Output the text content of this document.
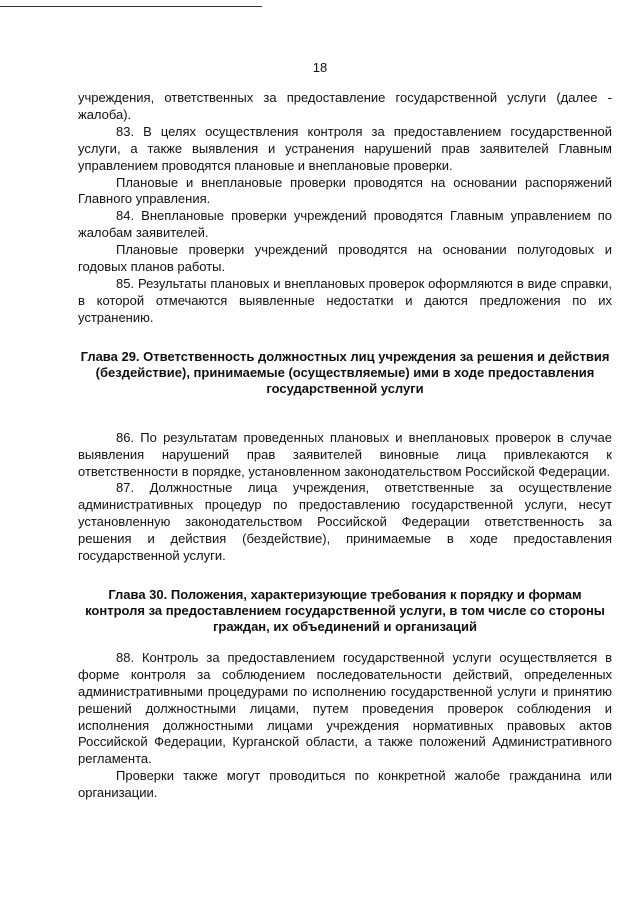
18

учреждения, ответственных за предоставление государственной услуги (далее - жалоба).

83. В целях осуществления контроля за предоставлением государственной услуги, а также выявления и устранения нарушений прав заявителей Главным управлением проводятся плановые и внеплановые проверки.

Плановые и внеплановые проверки проводятся на основании распоряжений Главного управления.

84. Внеплановые проверки учреждений проводятся Главным управлением по жалобам заявителей.

Плановые проверки учреждений проводятся на основании полугодовых и годовых планов работы.

85. Результаты плановых и внеплановых проверок оформляются в виде справки, в которой отмечаются выявленные недостатки и даются предложения по их устранению.

Глава 29. Ответственность должностных лиц учреждения за решения и действия (бездействие), принимаемые (осуществляемые) ими в ходе предоставления государственной услуги

86. По результатам проведенных плановых и внеплановых проверок в случае выявления нарушений прав заявителей виновные лица привлекаются к ответственности в порядке, установленном законодательством Российской Федерации.

87. Должностные лица учреждения, ответственные за осуществление административных процедур по предоставлению государственной услуги, несут установленную законодательством Российской Федерации ответственность за решения и действия (бездействие), принимаемые в ходе предоставления государственной услуги.

Глава 30. Положения, характеризующие требования к порядку и формам контроля за предоставлением государственной услуги, в том числе со стороны граждан, их объединений и организаций

88. Контроль за предоставлением государственной услуги осуществляется в форме контроля за соблюдением последовательности действий, определенных административными процедурами по исполнению государственной услуги и принятию решений должностными лицами, путем проведения проверок соблюдения и исполнения должностными лицами учреждения нормативных правовых актов Российской Федерации, Курганской области, а также положений Административного регламента.

Проверки также могут проводиться по конкретной жалобе гражданина или организации.
